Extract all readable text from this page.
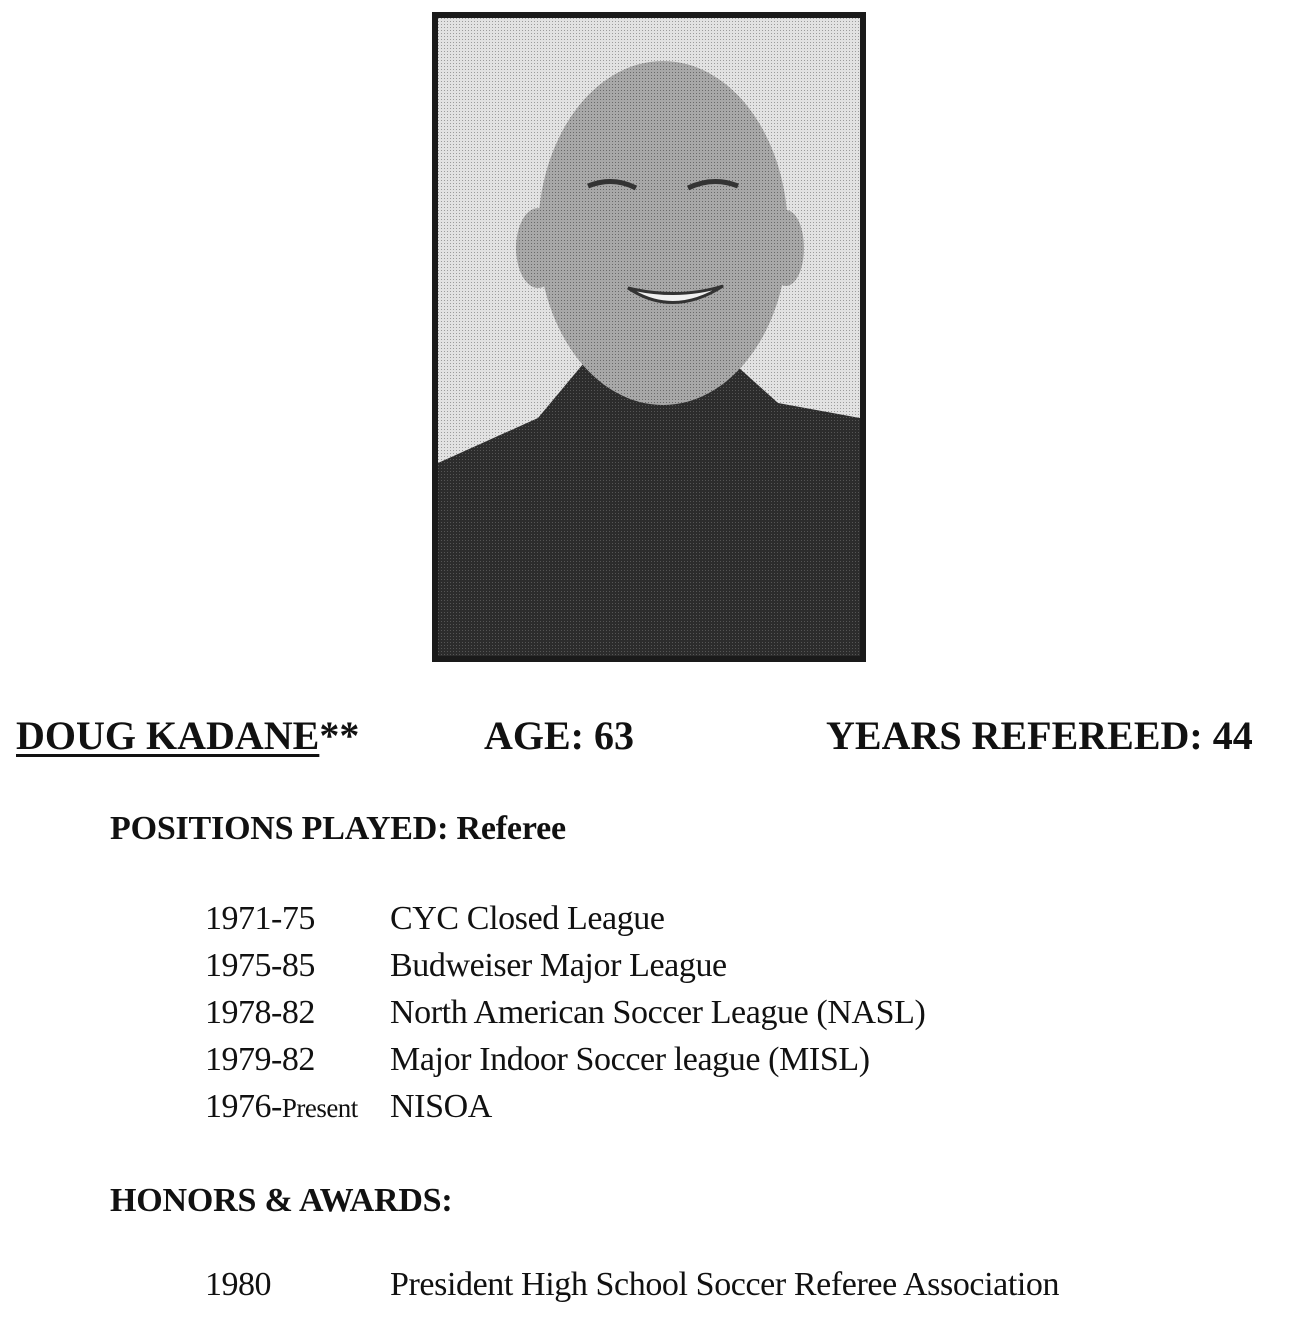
DOUG KADANE**	AGE: 63	YEARS REFEREED: 44
POSITIONS PLAYED: Referee
1971-75 CYC Closed League
1975-85 Budweiser Major League
1978-82 North American Soccer League (NASL)
1979-82 Major Indoor Soccer league (MISL)
1976-Present NISOA
HONORS & AWARDS:
1980	President High School Soccer Referee Association
